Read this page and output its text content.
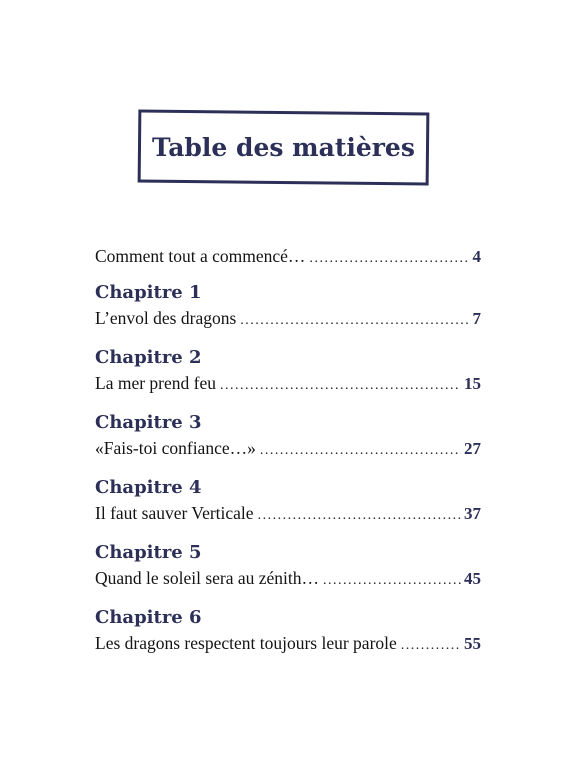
Table des matières
Comment tout a commencé… .....	4
Chapitre 1
L’envol des dragons .....	7
Chapitre 2
La mer prend feu .....	15
Chapitre 3
«Fais-toi confiance…» .....	27
Chapitre 4
Il faut sauver Verticale .....	37
Chapitre 5
Quand le soleil sera au zénith… .....	45
Chapitre 6
Les dragons respectent toujours leur parole .....	55
